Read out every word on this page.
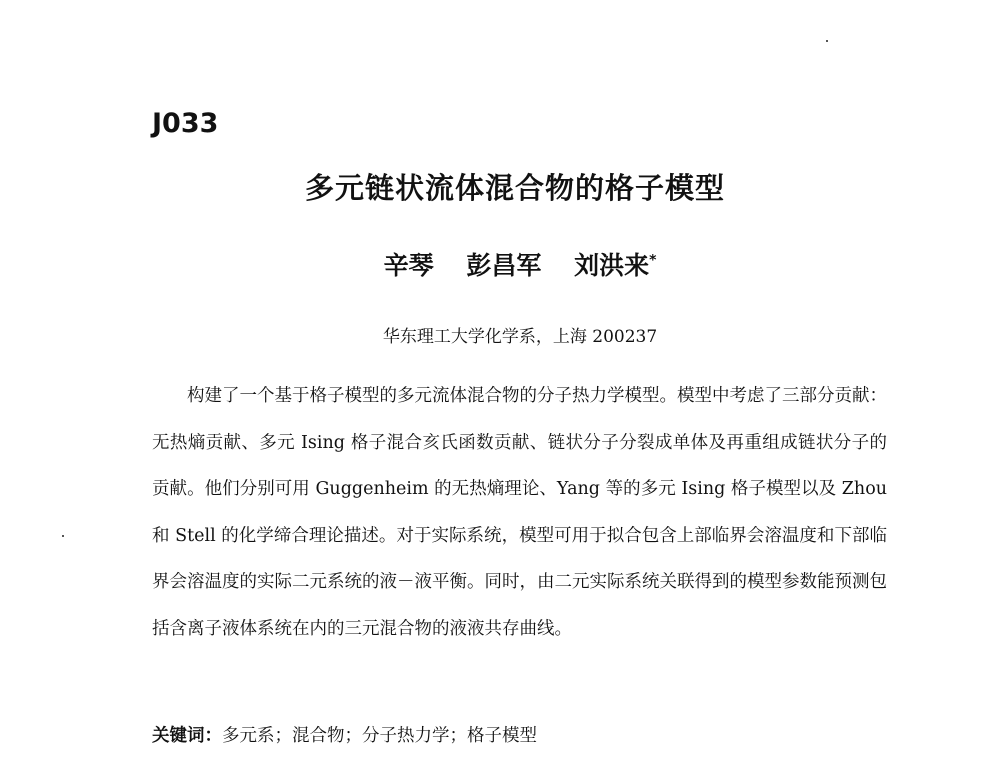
J033
多元链状流体混合物的格子模型
辛琴 彭昌军 刘洪来*
华东理工大学化学系，上海 200237
构建了一个基于格子模型的多元流体混合物的分子热力学模型。模型中考虑了三部分贡献：无热熵贡献、多元 Ising 格子混合亥氏函数贡献、链状分子分裂成单体及再重组成链状分子的贡献。他们分别可用 Guggenheim 的无热熵理论、Yang 等的多元 Ising 格子模型以及 Zhou 和 Stell 的化学缔合理论描述。对于实际系统，模型可用于拟合包含上部临界会溶温度和下部临界会溶温度的实际二元系统的液－液平衡。同时，由二元实际系统关联得到的模型参数能预测包括含离子液体系统在内的三元混合物的液液共存曲线。
关键词：多元系；混合物；分子热力学；格子模型
